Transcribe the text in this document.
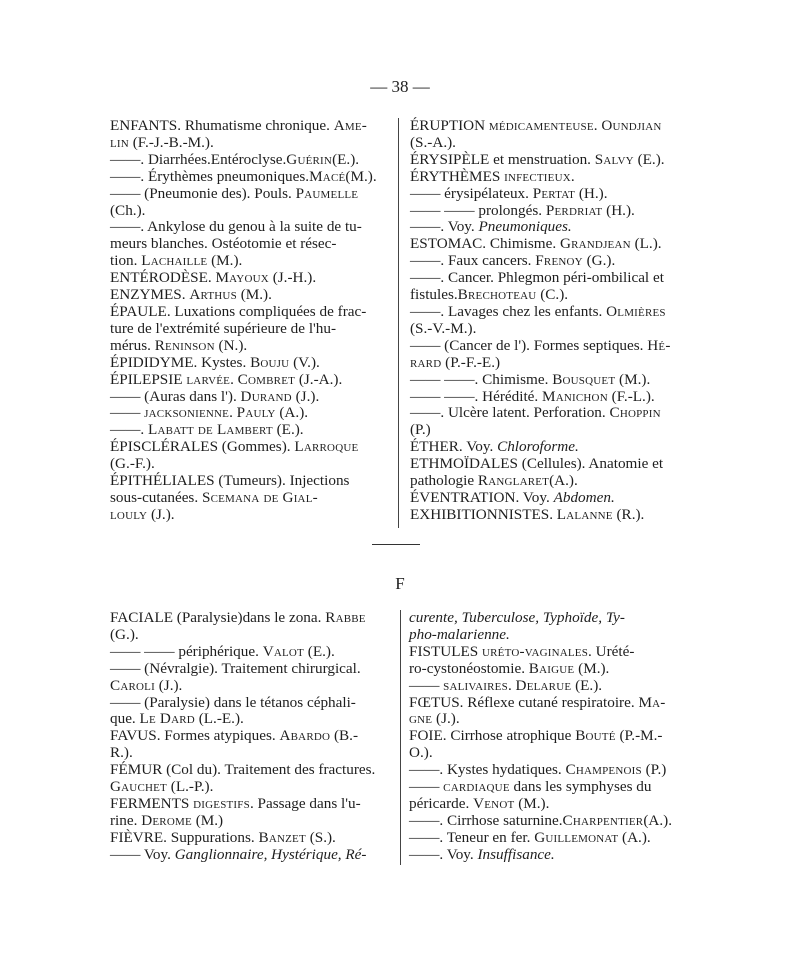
— 38 —
ENFANTS. Rhumatisme chronique. Ame-
lin (F.-J.-B.-M.).
——. Diarrhées.Entéroclyse.Guérin(E.).
——. Érythèmes pneumoniques.Macé(M.).
—— (Pneumonie des). Pouls. Paumelle
(Ch.).
——. Ankylose du genou à la suite de tu-
meurs blanches. Ostéotomie et résec-
tion. Lachaille (M.).
ENTÉRODÈSE. Mayoux (J.-H.).
ENZYMES. Arthus (M.).
ÉPAULE. Luxations compliquées de frac-
ture de l'extrémité supérieure de l'hu-
mérus. Reninson (N.).
ÉPIDIDYME. Kystes. Bouju (V.).
ÉPILEPSIE larvée. Combret (J.-A.).
—— (Auras dans l'). Durand (J.).
—— jacksonienne. Pauly (A.).
——. Labatt de Lambert (E.).
ÉPISCLÉRALES (Gommes). Larroque
(G.-F.).
ÉPITHÉLIALES (Tumeurs). Injections
sous-cutanées. Scemana de Gial-
louly (J.).
ÉRUPTION médicamenteuse. Oundjian
(S.-A.).
ÉRYSIPÈLE et menstruation. Salvy (E.).
ÉRYTHÈMES infectieux.
—— érysipélateux. Pertat (H.).
—— —— prolongés. Perdriat (H.).
——. Voy. Pneumoniques.
ESTOMAC. Chimisme. Grandjean (L.).
——. Faux cancers. Frenoy (G.).
——. Cancer. Phlegmon péri-ombilical et
fistules.Brechoteau (C.).
——. Lavages chez les enfants. Olmières
(S.-V.-M.).
—— (Cancer de l'). Formes septiques. Hé-
rard (P.-F.-E.)
—— ——. Chimisme. Bousquet (M.).
—— ——. Hérédité. Manichon (F.-L.).
——. Ulcère latent. Perforation. Choppin
(P.)
ÉTHER. Voy. Chloroforme.
ETHMOÏDALES (Cellules). Anatomie et
pathologie Ranglaret(A.).
ÉVENTRATION. Voy. Abdomen.
EXHIBITIONNISTES. Lalanne (R.).
F
FACIALE (Paralysie)dans le zona. Rabbe
(G.).
—— —— périphérique. Valot (E.).
—— (Névralgie). Traitement chirurgical.
Caroli (J.).
—— (Paralysie) dans le tétanos céphali-
que. Le Dard (L.-E.).
FAVUS. Formes atypiques. Abardo (B.-
R.).
FÉMUR (Col du). Traitement des fractures.
Gauchet (L.-P.).
FERMENTS digestifs. Passage dans l'u-
rine. Derome (M.)
FIÈVRE. Suppurations. Banzet (S.).
—— Voy. Ganglionnaire, Hystérique, Ré-
curente, Tuberculose, Typhoïde, Ty-
pho-malarienne.
FISTULES uréto-vaginales. Urété-
ro-cystonéostomie. Baigue (M.).
—— salivaires. Delarue (E.).
FŒTUS. Réflexe cutané respiratoire. Ma-
gne (J.).
FOIE. Cirrhose atrophique Bouté (P.-M.-
O.).
——. Kystes hydatiques. Champenois (P.)
—— cardiaque dans les symphyses du
péricarde. Venot (M.).
——. Cirrhose saturnine.Charpentier(A.).
——. Teneur en fer. Guillemonat (A.).
——. Voy. Insuffisance.
